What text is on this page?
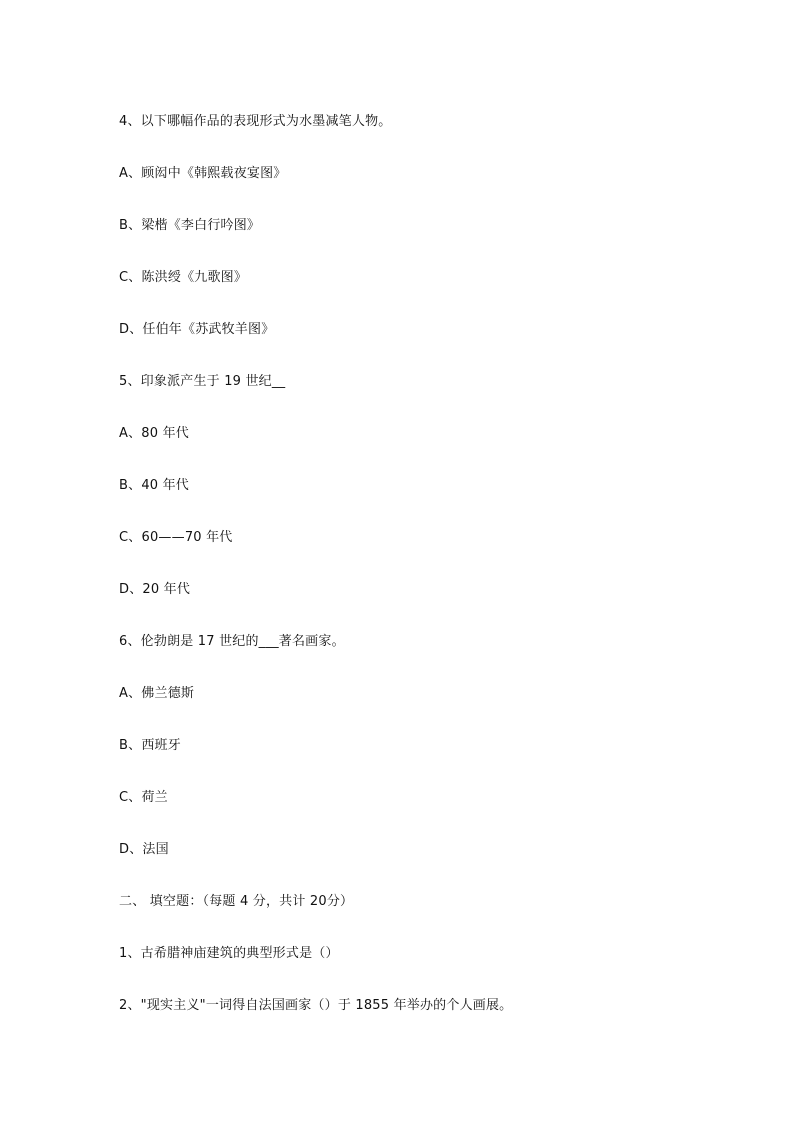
4、以下哪幅作品的表现形式为水墨减笔人物。
A、顾闳中《韩熙载夜宴图》
B、梁楷《李白行吟图》
C、陈洪绶《九歌图》
D、任伯年《苏武牧羊图》
5、印象派产生于 19 世纪__
A、80 年代
B、40 年代
C、60——70 年代
D、20 年代
6、伦勃朗是 17 世纪的___著名画家。
A、佛兰德斯
B、西班牙
C、荷兰
D、法国
二、 填空题：（每题 4 分，共计 20分）
1、古希腊神庙建筑的典型形式是（）
2、"现实主义"一词得自法国画家（）于 1855 年举办的个人画展。
